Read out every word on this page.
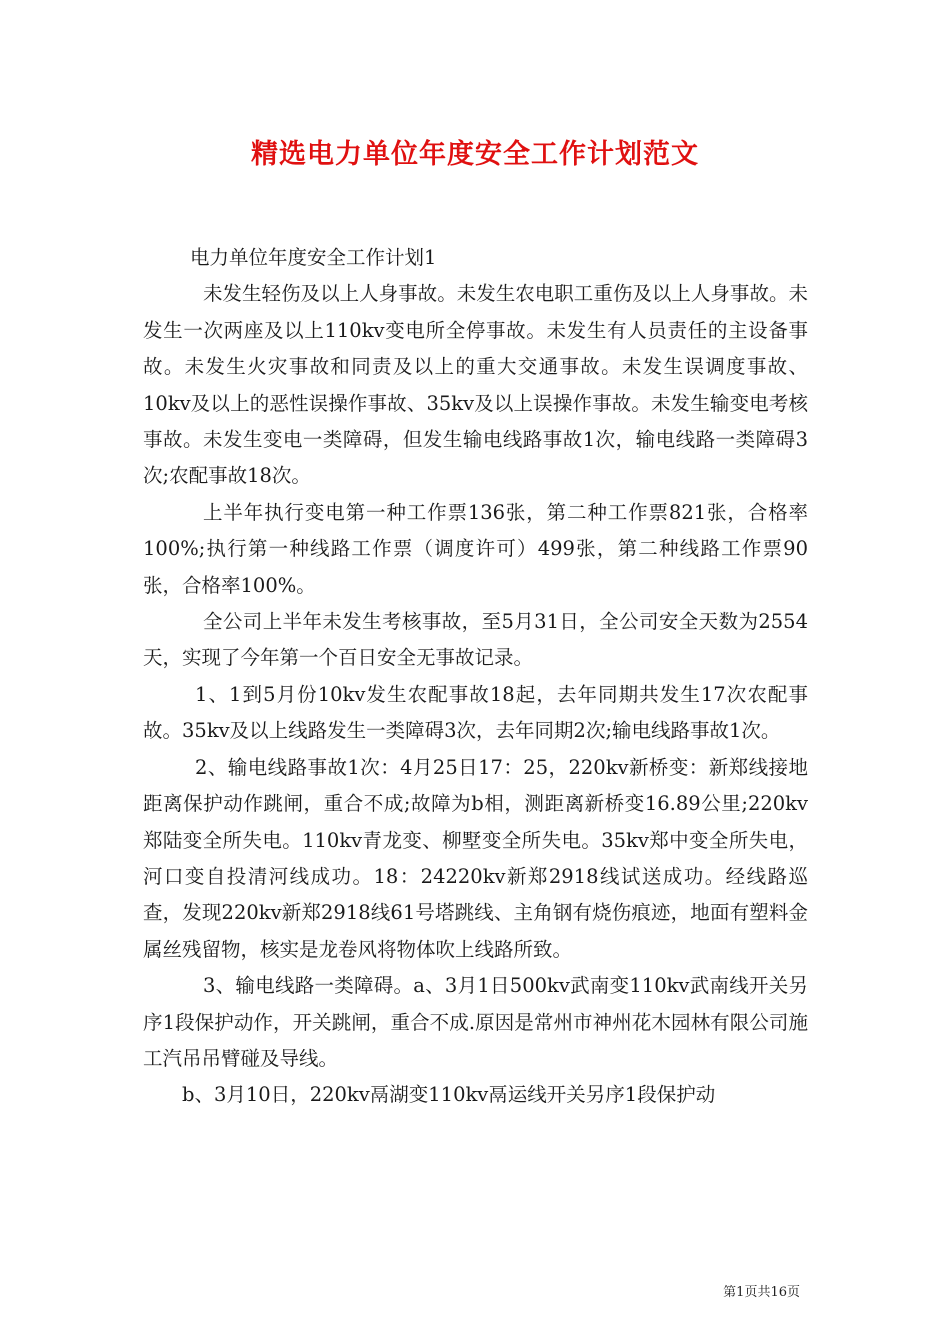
精选电力单位年度安全工作计划范文

电力单位年度安全工作计划1

未发生轻伤及以上人身事故。未发生农电职工重伤及以上人身事故。未发生一次两座及以上110kv变电所全停事故。未发生有人员责任的主设备事故。未发生火灾事故和同责及以上的重大交通事故。未发生误调度事故、10kv及以上的恶性误操作事故、35kv及以上误操作事故。未发生输变电考核事故。未发生变电一类障碍，但发生输电线路事故1次，输电线路一类障碍3次;农配事故18次。

上半年执行变电第一种工作票136张，第二种工作票821张，合格率100%;执行第一种线路工作票（调度许可）499张，第二种线路工作票90张，合格率100%。

全公司上半年未发生考核事故，至5月31日，全公司安全天数为2554天，实现了今年第一个百日安全无事故记录。

1、1到5月份10kv发生农配事故18起，去年同期共发生17次农配事故。35kv及以上线路发生一类障碍3次，去年同期2次;输电线路事故1次。

2、输电线路事故1次：4月25日17：25，220kv新桥变：新郑线接地距离保护动作跳闸，重合不成;故障为b相，测距离新桥变16.89公里;220kv郑陆变全所失电。110kv青龙变、柳墅变全所失电。35kv郑中变全所失电，河口变自投清河线成功。18：24220kv新郑2918线试送成功。经线路巡查，发现220kv新郑2918线61号塔跳线、主角钢有烧伤痕迹，地面有塑料金属丝残留物，核实是龙卷风将物体吹上线路所致。

3、输电线路一类障碍。a、3月1日500kv武南变110kv武南线开关另序1段保护动作，开关跳闸，重合不成.原因是常州市神州花木园林有限公司施工汽吊吊臂碰及导线。

b、3月10日，220kv鬲湖变110kv鬲运线开关另序1段保护动

第1页共16页
